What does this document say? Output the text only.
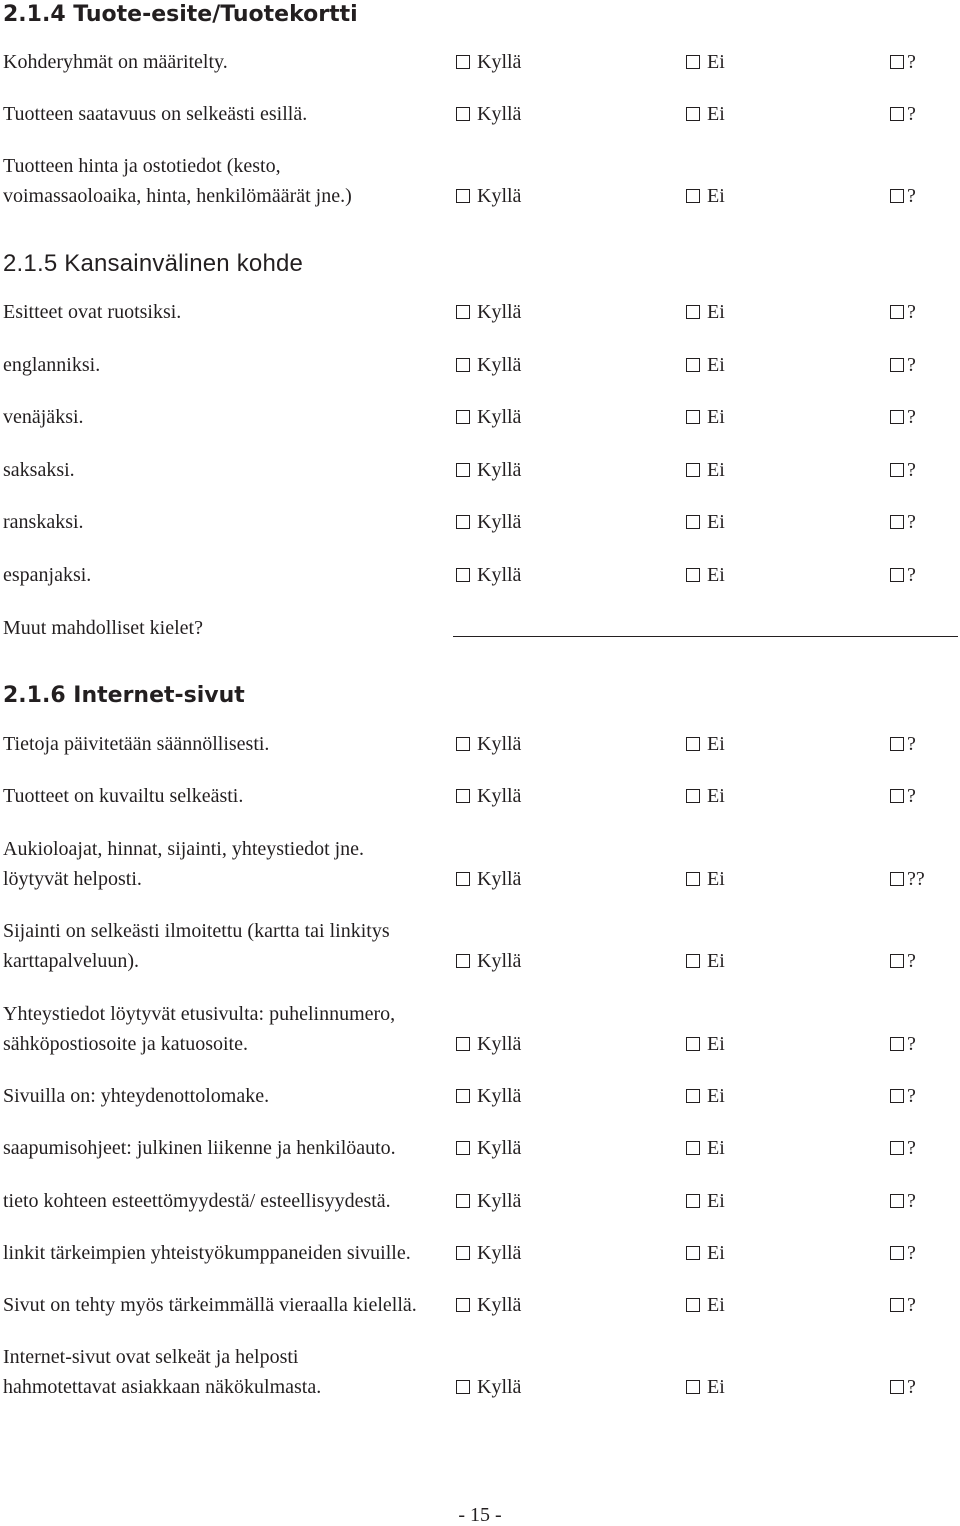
2.1.4 Tuote-esite/Tuotekortti
Kohderyhmät on määritelty.	Kyllä	Ei	?
Tuotteen saatavuus on selkeästi esillä.	Kyllä	Ei	?
Tuotteen hinta ja ostotiedot (kesto,
voimassaoloaika, hinta, henkilömäärät jne.)	Kyllä	Ei	?
2.1.5 Kansainvälinen kohde
Esitteet ovat ruotsiksi.	Kyllä	Ei	?
englanniksi.	Kyllä	Ei	?
venäjäksi.	Kyllä	Ei	?
saksaksi.	Kyllä	Ei	?
ranskaksi.	Kyllä	Ei	?
espanjaksi.	Kyllä	Ei	?
Muut mahdolliset kielet?
2.1.6 Internet-sivut
Tietoja päivitetään säännöllisesti.	Kyllä	Ei	?
Tuotteet on kuvailtu selkeästi.	Kyllä	Ei	?
Aukioloajat, hinnat, sijainti, yhteystiedot jne.
löytyvät helposti.	Kyllä	Ei	??
Sijainti on selkeästi ilmoitettu (kartta tai linkitys
karttapalveluun).	Kyllä	Ei	?
Yhteystiedot löytyvät etusivulta: puhelinnumero,
sähköpostiosoite ja katuosoite.	Kyllä	Ei	?
Sivuilla on: yhteydenottolomake.	Kyllä	Ei	?
saapumisohjeet: julkinen liikenne ja henkilöauto.	Kyllä	Ei	?
tieto kohteen esteettömyydestä/ esteellisyydestä.	Kyllä	Ei	?
linkit tärkeimpien yhteistyökumppaneiden sivuille.	Kyllä	Ei	?
Sivut on tehty myös tärkeimmällä vieraalla kielellä.	Kyllä	Ei	?
Internet-sivut ovat selkeät ja helposti
hahmotettavat asiakkaan näkökulmasta.	Kyllä	Ei	?
- 15 -
